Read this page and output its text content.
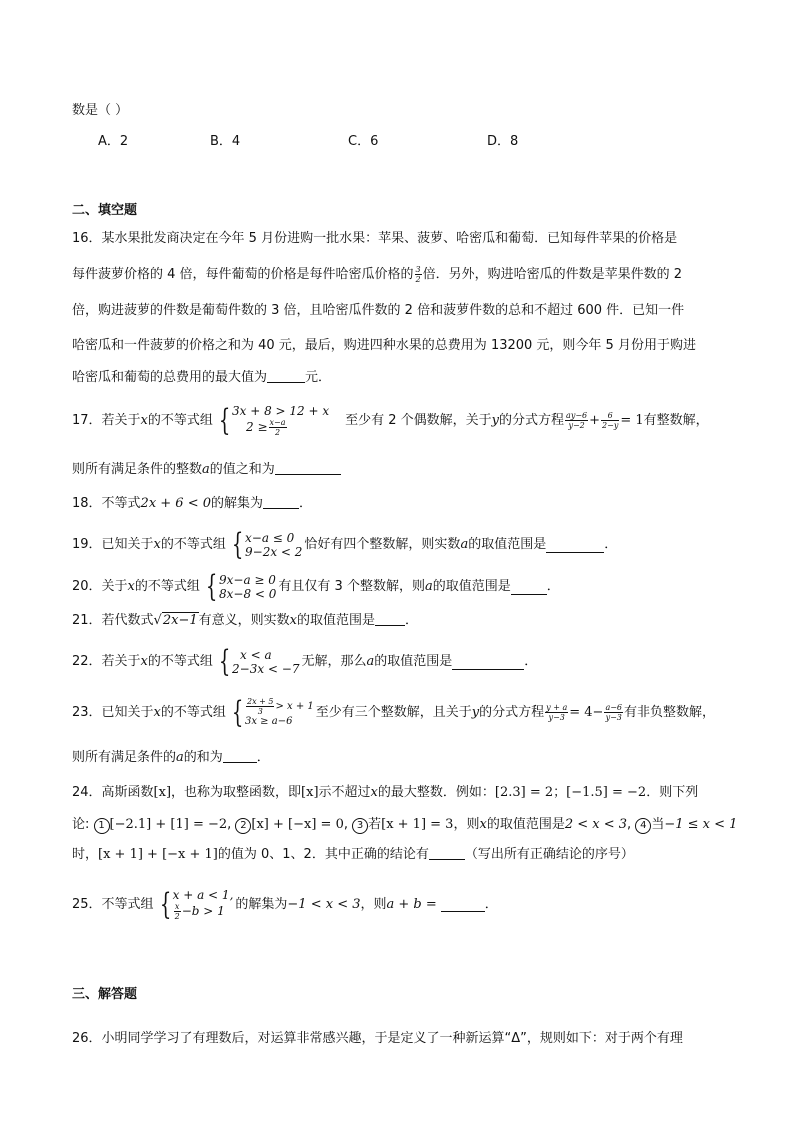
数是（ ）
A．2	B．4	C．6	D．8
二、填空题
16．某水果批发商决定在今年 5 月份进购一批水果：苹果、菠萝、哈密瓜和葡萄．已知每件苹果的价格是
每件菠萝价格的 4 倍，每件葡萄的价格是每件哈密瓜价格的 $\frac{3}{2}$ 倍．另外，购进哈密瓜的件数是苹果件数的 2
倍，购进菠萝的件数是葡萄件数的 3 倍，且哈密瓜件数的 2 倍和菠萝件数的总和不超过 600 件．已知一件
哈密瓜和一件菠萝的价格之和为 40 元，最后，购进四种水果的总费用为 13200 元，则今年 5 月份用于购进
哈密瓜和葡萄的总费用的最大值为	元．
17．若关于 x 的不等式组 { 3x + 8 > 12 + x
$2 \ge \frac{x-a}{2}$	至少有 2 个偶数解，关于 y 的分式方程 $\frac{ay-6}{y-2} + \frac{6}{2-y} = 1$ 有整数解，
则所有满足条件的整数a的值之和为
18．不等式2x + 6 < 0的解集为	．
19．已知关于 x 的不等式组 { x−a ≤ 0
9−2x < 2 恰好有四个整数解，则实数 a 的取值范围是	．
20．关于 x 的不等式组 { 9x−a ≥ 0
8x−8 < 0 有且仅有 3 个整数解，则 a 的取值范围是	．
21．若代数式√2x−1有意义，则实数x的取值范围是 ．
22．若关于 x 的不等式组 { x < a
2−3x < −7 无解，那么 a 的取值范围是	．
23．已知关于 x 的不等式组 { $\frac{2x + 5}{3} > x + 1$
3x ≥ a−6
至少有三个整数解，且关于 y 的分式方程 $\frac{y + a}{y-3} = 4- \frac{a-6}{y-3}$ 有非负整数解，
则所有满足条件的a的和为	．
24．高斯函数[x]，也称为取整函数，即[x]示不超过x的最大整数．例如：[2.3] = 2；[−1.5] = −2．则下列
论: 1 [−2.1] + [1] = −2, 2 [x] + [−x] = 0, 3 若[x + 1] = 3，则x的取值范围是2 < x < 3, 4 当−1 ≤ x < 1
时，[x + 1] + [−x + 1]的值为 0、1、2．其中正确的结论有	（写出所有正确结论的序号）
25．不等式组 { x + a < 1,
$\frac{x}{2} -b > 1$ 的解集为 −1 < x < 3 ，则 a + b =	．
三、解答题
26．小明同学学习了有理数后，对运算非常感兴趣，于是定义了一种新运算“Δ”，规则如下：对于两个有理
